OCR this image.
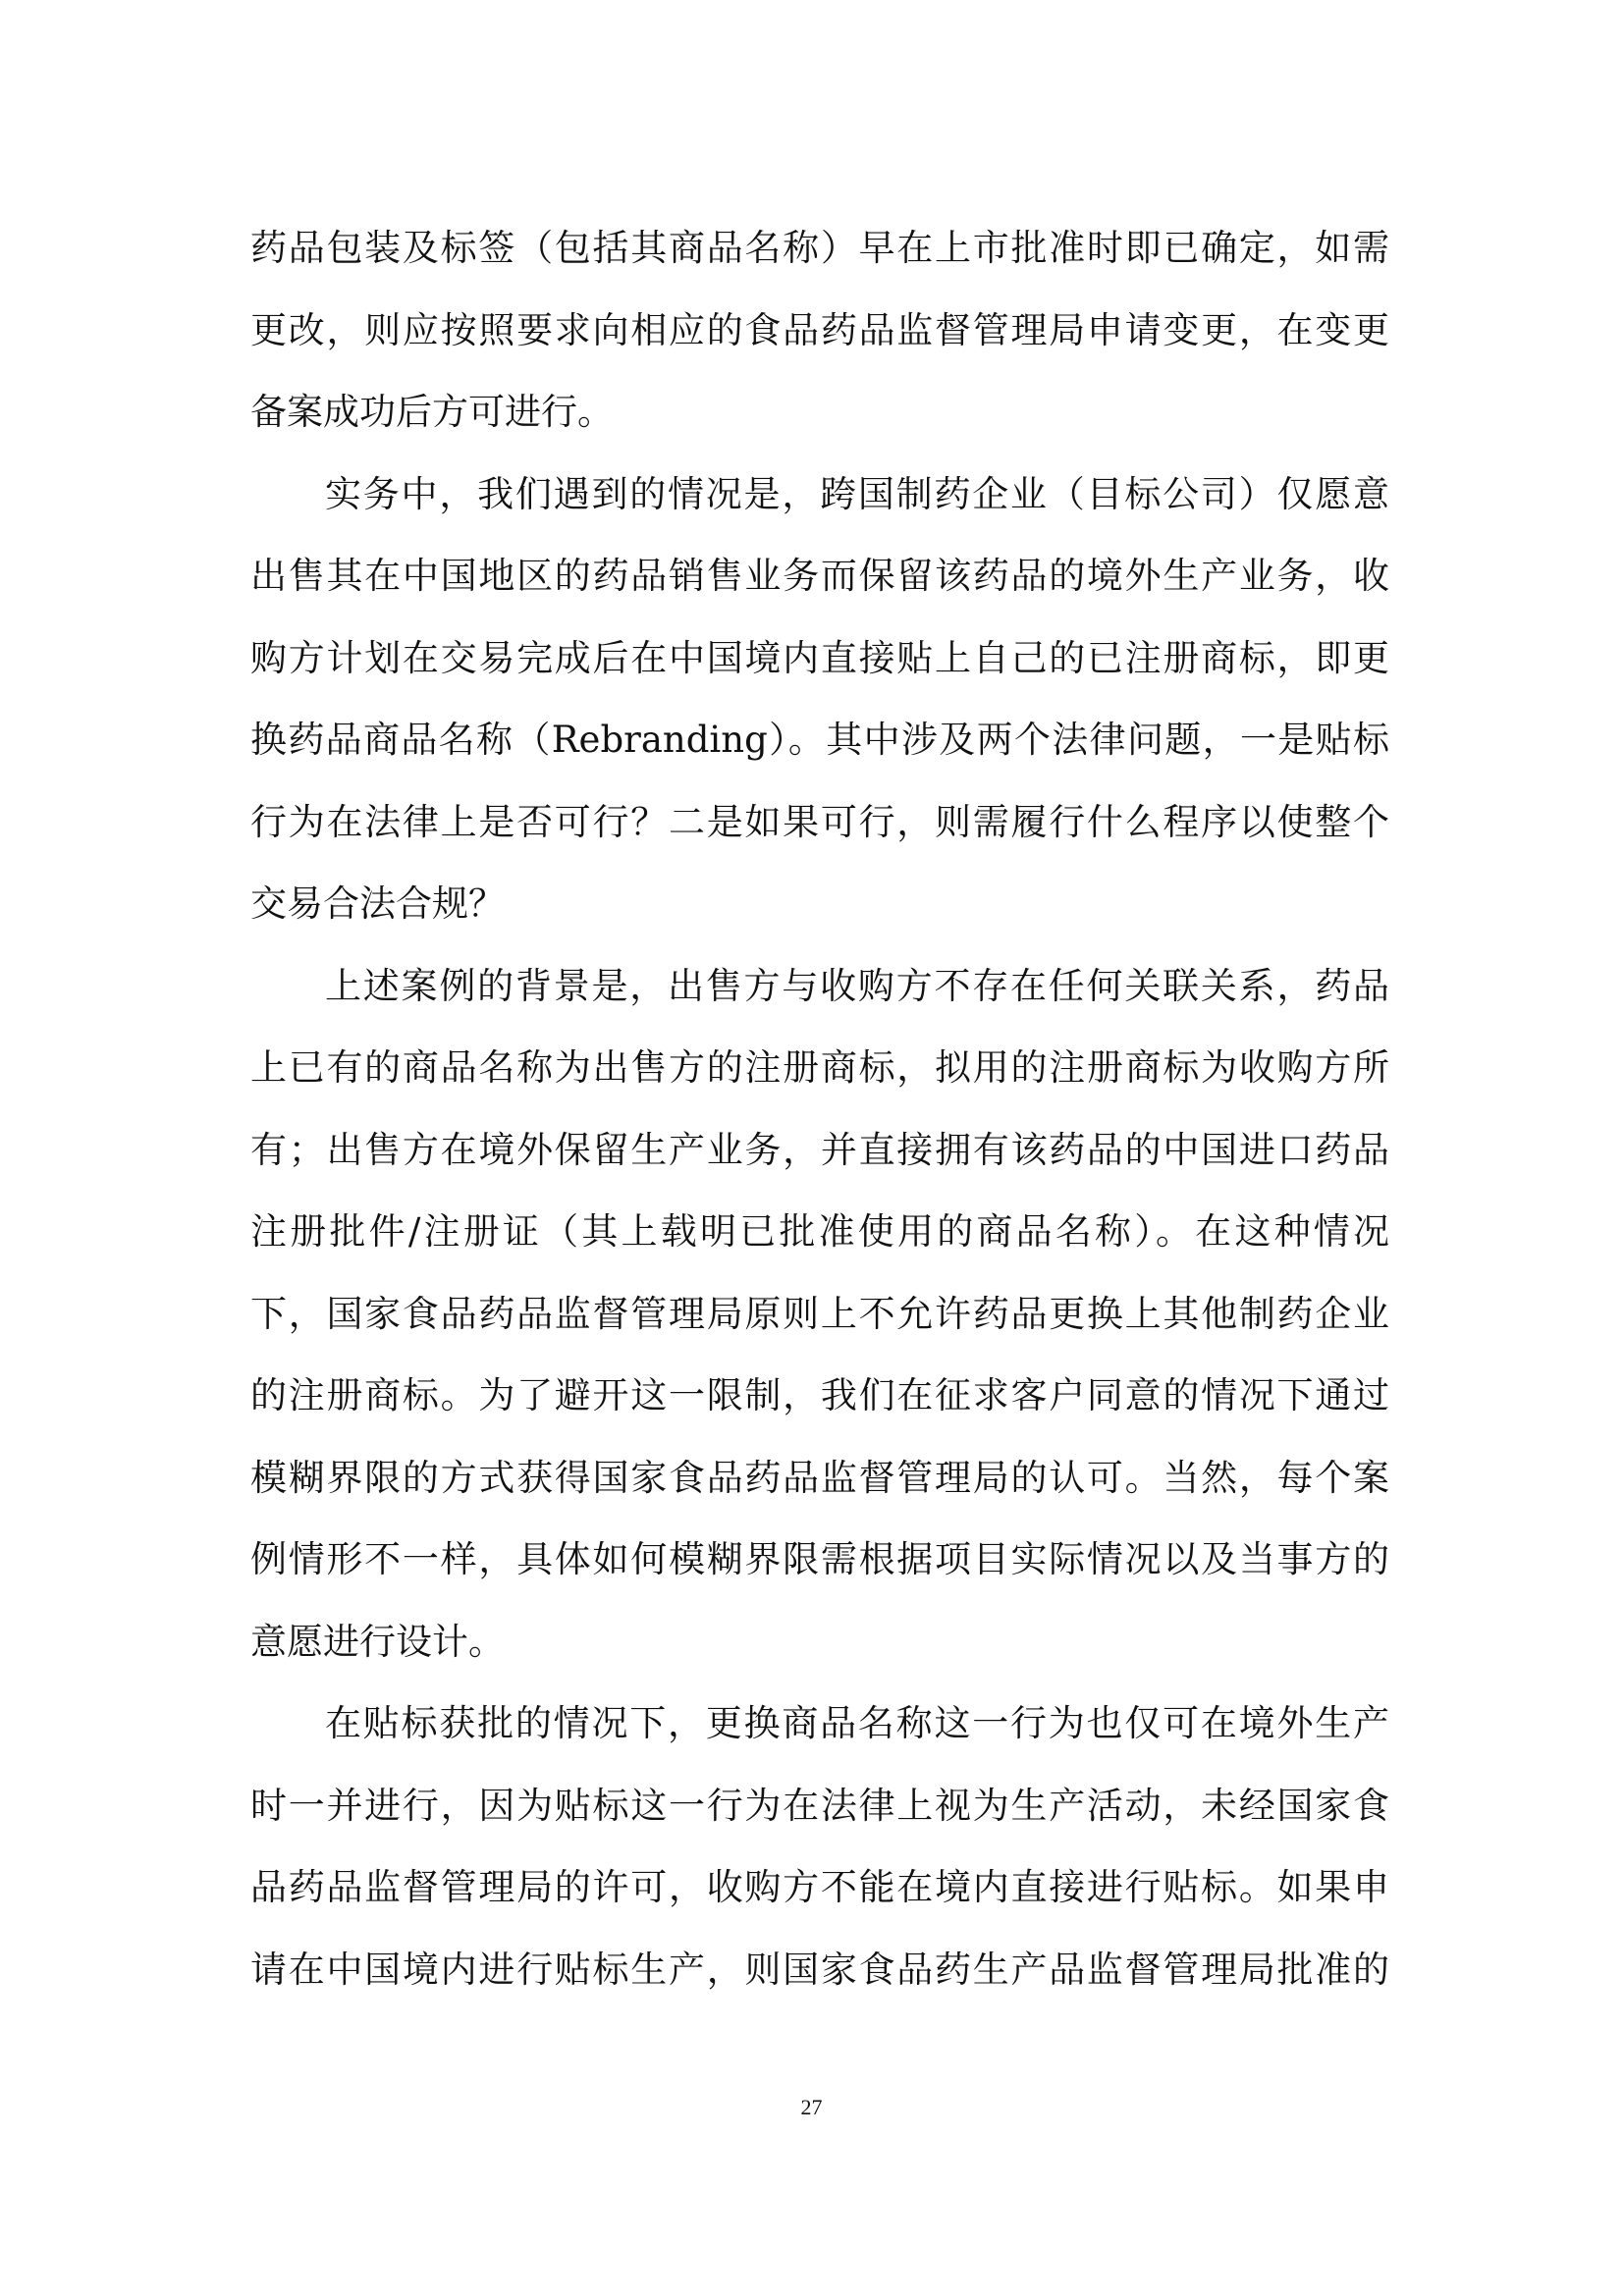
药品包装及标签（包括其商品名称）早在上市批准时即已确定，如需
更改，则应按照要求向相应的食品药品监督管理局申请变更，在变更
备案成功后方可进行。
实务中，我们遇到的情况是，跨国制药企业（目标公司）仅愿意
出售其在中国地区的药品销售业务而保留该药品的境外生产业务，收
购方计划在交易完成后在中国境内直接贴上自己的已注册商标，即更
换药品商品名称（Rebranding）。其中涉及两个法律问题，一是贴标
行为在法律上是否可行？二是如果可行，则需履行什么程序以使整个
交易合法合规？
上述案例的背景是，出售方与收购方不存在任何关联关系，药品
上已有的商品名称为出售方的注册商标，拟用的注册商标为收购方所
有；出售方在境外保留生产业务，并直接拥有该药品的中国进口药品
注册批件/注册证（其上载明已批准使用的商品名称）。在这种情况
下，国家食品药品监督管理局原则上不允许药品更换上其他制药企业
的注册商标。为了避开这一限制，我们在征求客户同意的情况下通过
模糊界限的方式获得国家食品药品监督管理局的认可。当然，每个案
例情形不一样，具体如何模糊界限需根据项目实际情况以及当事方的
意愿进行设计。
在贴标获批的情况下，更换商品名称这一行为也仅可在境外生产
时一并进行，因为贴标这一行为在法律上视为生产活动，未经国家食
品药品监督管理局的许可，收购方不能在境内直接进行贴标。如果申
请在中国境内进行贴标生产，则国家食品药生产品监督管理局批准的
27
